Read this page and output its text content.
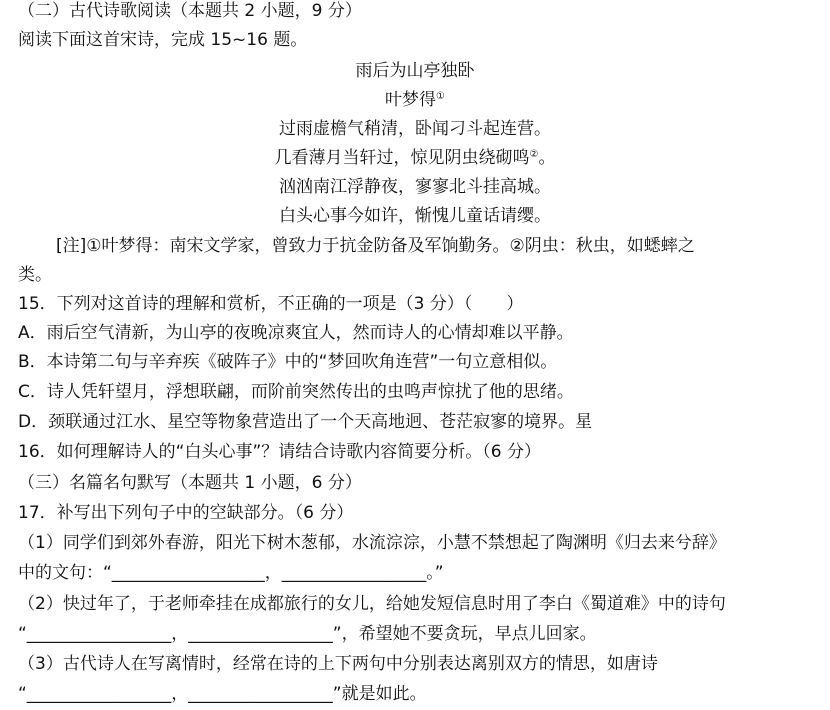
（二）古代诗歌阅读（本题共 2 小题，9 分）
阅读下面这首宋诗，完成 15~16 题。
雨后为山亭独卧
叶梦得①
过雨虚檐气稍清，卧闻刁斗起连营。
几看薄月当轩过，惊见阴虫绕砌鸣②。
汹汹南江浮静夜，寥寥北斗挂高城。
白头心事今如许，惭愧儿童话请缨。
[注]①叶梦得：南宋文学家，曾致力于抗金防备及军饷勤务。②阴虫：秋虫，如蟋蟀之
类。
15．下列对这首诗的理解和赏析，不正确的一项是（3 分）（　　）
A．雨后空气清新，为山亭的夜晚凉爽宜人，然而诗人的心情却难以平静。
B．本诗第二句与辛弃疾《破阵子》中的“梦回吹角连营”一句立意相似。
C．诗人凭轩望月，浮想联翩，而阶前突然传出的虫鸣声惊扰了他的思绪。
D．颈联通过江水、星空等物象营造出了一个天高地迥、苍茫寂寥的境界。星
16．如何理解诗人的“白头心事”？请结合诗歌内容简要分析。（6 分）
（三）名篇名句默写（本题共 1 小题，6 分）
17．补写出下列句子中的空缺部分。（6 分）
（1）同学们到郊外春游，阳光下树木葱郁，水流淙淙，小慧不禁想起了陶渊明《归去来兮辞》
中的文句：“__________________，_________________。”
（2）快过年了，于老师牵挂在成都旅行的女儿，给她发短信息时用了李白《蜀道难》中的诗句
“_________________，_________________”，希望她不要贪玩，早点儿回家。
（3）古代诗人在写离情时，经常在诗的上下两句中分别表达离别双方的情思，如唐诗
“_________________，_________________”就是如此。
